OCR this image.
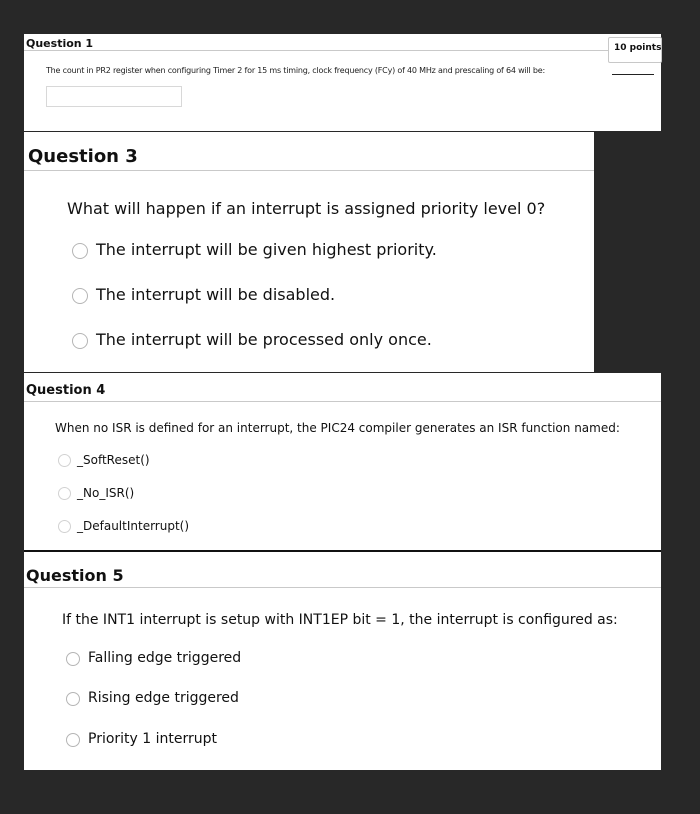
Question 1	10 points
The count in PR2 register when configuring Timer 2 for 15 ms timing, clock frequency (FCy) of 40 MHz and prescaling of 64 will be:
Question 3
What will happen if an interrupt is assigned priority level 0?
The interrupt will be given highest priority.
The interrupt will be disabled.
The interrupt will be processed only once.
Question 4
When no ISR is defined for an interrupt, the PIC24 compiler generates an ISR function named:
_SoftReset()
_No_ISR()
_DefaultInterrupt()
Question 5
If the INT1 interrupt is setup with INT1EP bit = 1, the interrupt is configured as:
Falling edge triggered
Rising edge triggered
Priority 1 interrupt
